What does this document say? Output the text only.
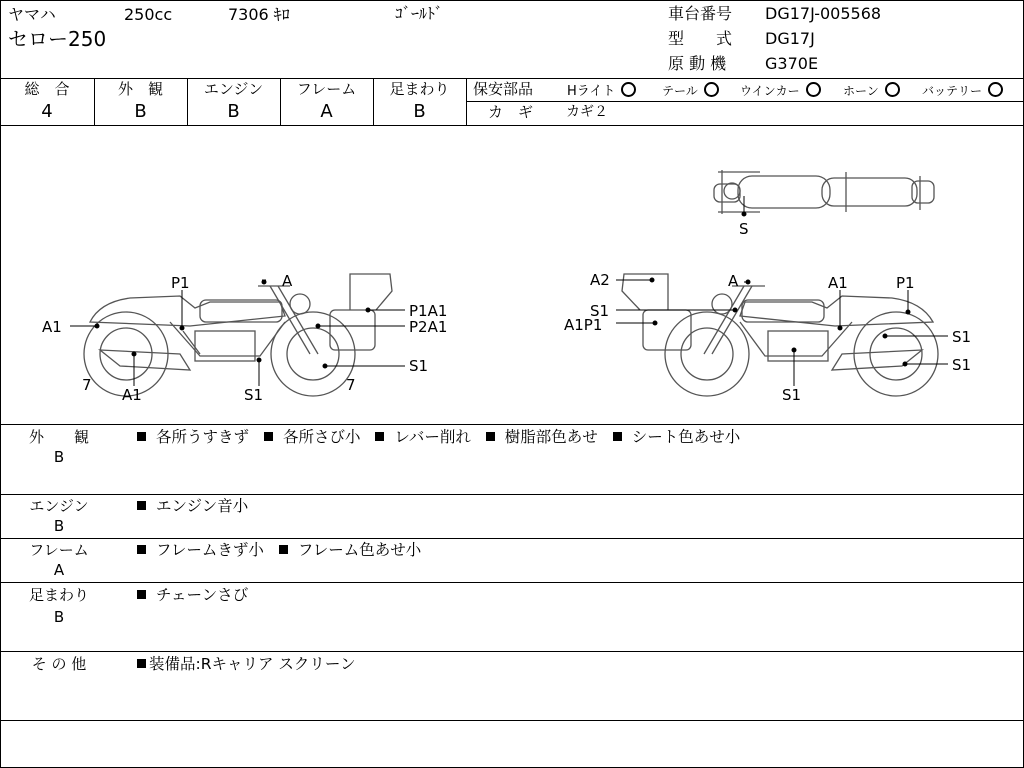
ヤマハ	250cc	7306 ｷﾛ	ｺﾞｰﾙﾄﾞ
セロー250
車台番号 DG17J-005568
型　　式 DG17J
原 動 機 G370E
総　合
4
外　観
B
エンジン
B
フレーム
A
足まわり
B
保安部品	Hライト	テール	ウインカー	ホーン	バッテリー
カ　ギ カギ２
S
P1	A
P1A1
P2A1
A1
7
A1	S1
7
S1
A2	A	A1	P1
S1
A1P1
S1
S1
S1
外　　観
B
各所うすきず 各所さび小 レバー削れ 樹脂部色あせ シート色あせ小
エンジン
B
エンジン音小
フレーム
A
フレームきず小 フレーム色あせ小
足まわり
B
チェーンさび
そ の 他	装備品:Rキャリア スクリーン
